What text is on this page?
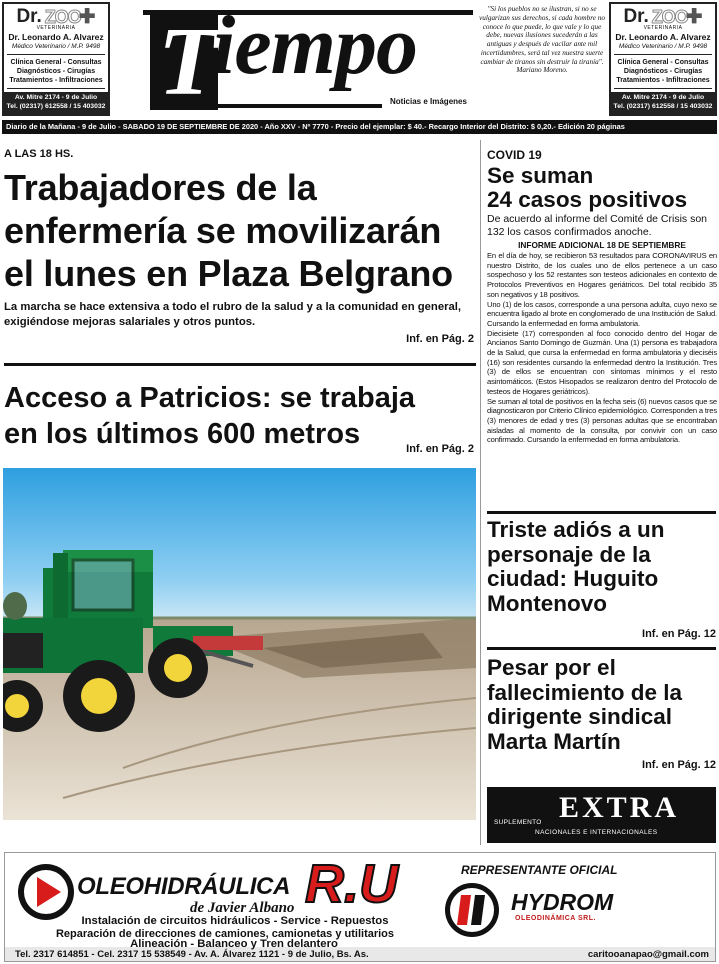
Dr. ZOO
✚
VETERINARIA
Dr. Leonardo A. Alvarez
Médico Veterinario / M.P. 9498
Clínica General - Consultas
Diagnósticos - Cirugías
Tratamientos - Infiltraciones
Av. Mitre 2174 - 9 de Julio
Tel. (02317) 612558 / 15 403032
Dr. ZOO
✚
VETERINARIA
Dr. Leonardo A. Alvarez
Médico Veterinario / M.P. 9498
Clínica General - Consultas
Diagnósticos - Cirugías
Tratamientos - Infiltraciones
Av. Mitre 2174 - 9 de Julio
Tel. (02317) 612558 / 15 403032
T
iempo
Noticias e Imágenes
"Si los pueblos no se ilustran, si no se vulgarizan sus derechos, si cada hombre no conoce lo que puede, lo que vale y lo que debe, nuevas ilusiones sucederán a las antiguas y después de vacilar ante mil incertidumbres, será tal vez nuestra suerte cambiar de tiranos sin destruir la tiranía". Mariano Moreno.
Diario de la Mañana - 9 de Julio - SABADO 19 DE SEPTIEMBRE DE 2020 - Año XXV - Nº 7770 - Precio del ejemplar: $ 40.- Recargo Interior del Distrito: $ 0,20.- Edición 20 páginas
A LAS 18 HS.
Trabajadores de la
enfermería se movilizarán
el lunes en Plaza Belgrano
La marcha se hace extensiva a todo el rubro de la salud y a la comunidad en general, exigiéndose mejoras salariales y otros puntos.
Inf. en Pág. 2
Acceso a Patricios: se trabaja
en los últimos 600 metros	Inf. en Pág. 2
COVID 19
Se suman
24 casos positivos
De acuerdo al informe del Comité de Crisis son 132 los casos confirmados anoche.
INFORME ADICIONAL 18 DE SEPTIEMBRE

En el día de hoy, se recibieron 53 resultados para CORONAVIRUS en nuestro Distrito, de los cuales uno de ellos pertenece a un caso sospechoso y los 52 restantes son testeos adicionales en contexto de Protocolos Preventivos en Hogares geriátricos. Del total recibido 35 son negativos y 18 positivos.

Uno (1) de los casos, corresponde a una persona adulta, cuyo nexo se encuentra ligado al brote en conglomerado de una Institución de Salud. Cursando la enfermedad en forma ambulatoria.

Diecisiete (17) corresponden al foco conocido dentro del Hogar de Ancianos Santo Domingo de Guzmán. Una (1) persona es trabajadora de la Salud, que cursa la enfermedad en forma ambulatoria y dieciséis (16) son residentes cursando la enfermedad dentro la Institución. Tres (3) de ellos se encuentran con síntomas mínimos y el resto asintomáticos. (Estos Hisopados se realizaron dentro del Protocolo de testeos de Hogares geriátricos).

Se suman al total de positivos en la fecha seis (6) nuevos casos que se diagnosticaron por Criterio Clínico epidemiológico. Corresponden a tres (3) menores de edad y tres (3) personas adultas que se encontraban aisladas al momento de la consulta, por convivir con un caso confirmado. Cursando la enfermedad en forma ambulatoria.

Triste adiós a un
personaje de la
ciudad: Huguito
Montenovo
Inf. en Pág. 12
Pesar por el
fallecimiento de la
dirigente sindical
Marta Martín
Inf. en Pág. 12
SUPLEMENTO EXTRA
NACIONALES E INTERNACIONALES
OLEOHIDRÁULICA R.U
de Javier Albano
REPRESENTANTE OFICIAL
HYDROM
OLEODINÁMICA SRL.
Instalación de circuitos hidráulicos - Service - Repuestos
Reparación de direcciones de camiones, camionetas y utilitarios
Tel. 2317 614851 - Cel. 2317 15 538549 - Av. A. Álvarez 1121 - 9 de Julio, Bs. As.	caritooanapao@gmail.com
Alineación - Balanceo y Tren delantero
